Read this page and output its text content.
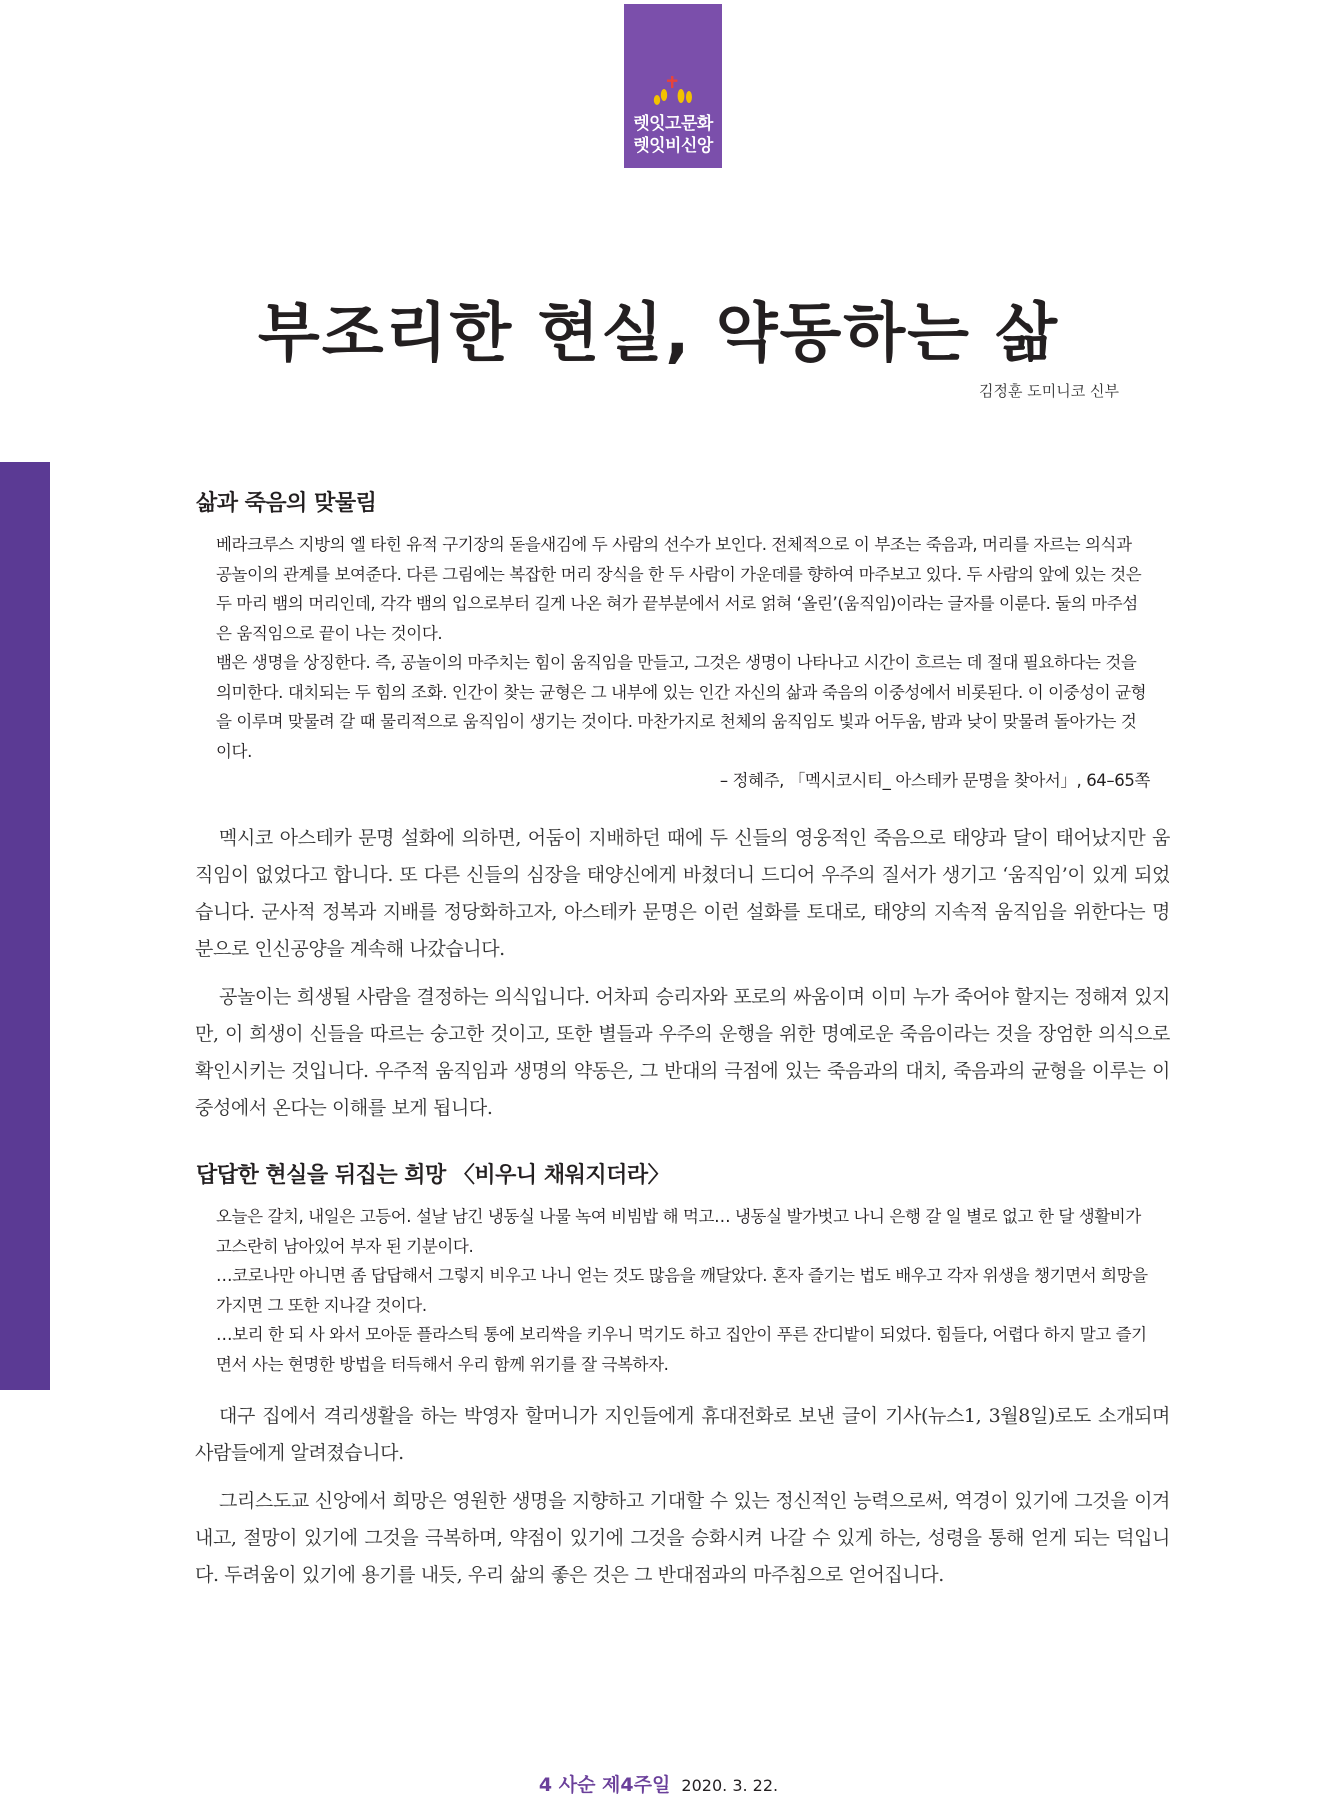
렛잇고문화
렛잇비신앙
부조리한 현실, 약동하는 삶

김정훈 도미니코 신부

삶과 죽음의 맞물림

베라크루스 지방의 엘 타힌 유적 구기장의 돋을새김에 두 사람의 선수가 보인다. 전체적으로 이 부조는 죽음과, 머리를 자르는 의식과 공놀이의 관계를 보여준다. 다른 그림에는 복잡한 머리 장식을 한 두 사람이 가운데를 향하여 마주보고 있다. 두 사람의 앞에 있는 것은 두 마리 뱀의 머리인데, 각각 뱀의 입으로부터 길게 나온 혀가 끝부분에서 서로 얽혀 ‘올린’(움직임)이라는 글자를 이룬다. 둘의 마주섬은 움직임으로 끝이 나는 것이다.

뱀은 생명을 상징한다. 즉, 공놀이의 마주치는 힘이 움직임을 만들고, 그것은 생명이 나타나고 시간이 흐르는 데 절대 필요하다는 것을 의미한다. 대치되는 두 힘의 조화. 인간이 찾는 균형은 그 내부에 있는 인간 자신의 삶과 죽음의 이중성에서 비롯된다. 이 이중성이 균형을 이루며 맞물려 갈 때 물리적으로 움직임이 생기는 것이다. 마찬가지로 천체의 움직임도 빛과 어두움, 밤과 낮이 맞물려 돌아가는 것이다.

– 정혜주, 「멕시코시티_ 아스테카 문명을 찾아서」, 64–65쪽

멕시코 아스테카 문명 설화에 의하면, 어둠이 지배하던 때에 두 신들의 영웅적인 죽음으로 태양과 달이 태어났지만 움직임이 없었다고 합니다. 또 다른 신들의 심장을 태양신에게 바쳤더니 드디어 우주의 질서가 생기고 ‘움직임’이 있게 되었습니다. 군사적 정복과 지배를 정당화하고자, 아스테카 문명은 이런 설화를 토대로, 태양의 지속적 움직임을 위한다는 명분으로 인신공양을 계속해 나갔습니다.

공놀이는 희생될 사람을 결정하는 의식입니다. 어차피 승리자와 포로의 싸움이며 이미 누가 죽어야 할지는 정해져 있지만, 이 희생이 신들을 따르는 숭고한 것이고, 또한 별들과 우주의 운행을 위한 명예로운 죽음이라는 것을 장엄한 의식으로 확인시키는 것입니다. 우주적 움직임과 생명의 약동은, 그 반대의 극점에 있는 죽음과의 대치, 죽음과의 균형을 이루는 이중성에서 온다는 이해를 보게 됩니다.

답답한 현실을 뒤집는 희망 〈비우니 채워지더라〉

오늘은 갈치, 내일은 고등어. 설날 남긴 냉동실 나물 녹여 비빔밥 해 먹고… 냉동실 발가벗고 나니 은행 갈 일 별로 없고 한 달 생활비가 고스란히 남아있어 부자 된 기분이다.

…코로나만 아니면 좀 답답해서 그렇지 비우고 나니 얻는 것도 많음을 깨달았다. 혼자 즐기는 법도 배우고 각자 위생을 챙기면서 희망을 가지면 그 또한 지나갈 것이다.

…보리 한 되 사 와서 모아둔 플라스틱 통에 보리싹을 키우니 먹기도 하고 집안이 푸른 잔디밭이 되었다. 힘들다, 어렵다 하지 말고 즐기면서 사는 현명한 방법을 터득해서 우리 함께 위기를 잘 극복하자.

대구 집에서 격리생활을 하는 박영자 할머니가 지인들에게 휴대전화로 보낸 글이 기사(뉴스1, 3월8일)로도 소개되며 사람들에게 알려졌습니다.

그리스도교 신앙에서 희망은 영원한 생명을 지향하고 기대할 수 있는 정신적인 능력으로써, 역경이 있기에 그것을 이겨내고, 절망이 있기에 그것을 극복하며, 약점이 있기에 그것을 승화시켜 나갈 수 있게 하는, 성령을 통해 얻게 되는 덕입니다. 두려움이 있기에 용기를 내듯, 우리 삶의 좋은 것은 그 반대점과의 마주침으로 얻어집니다.

4 사순 제4주일 2020. 3. 22.
